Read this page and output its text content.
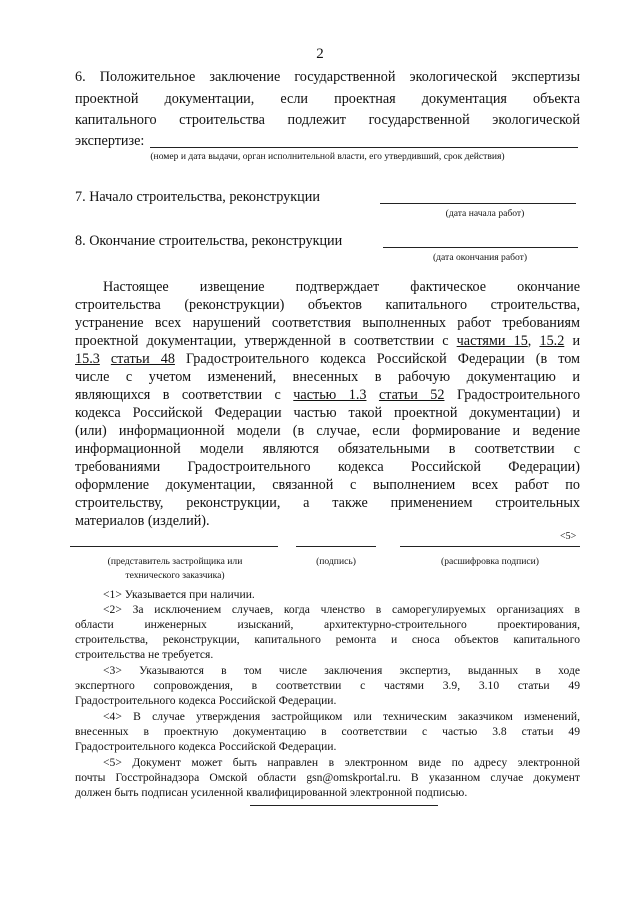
2
6. Положительное заключение государственной экологической экспертизы
проектной документации, если проектная документация объекта
капитального строительства подлежит государственной экологической
экспертизе:
(номер и дата выдачи, орган исполнительной власти, его утвердивший, срок действия)
7. Начало строительства, реконструкции
(дата начала работ)
8. Окончание строительства, реконструкции
(дата окончания работ)
Настоящее извещение подтверждает фактическое окончание
строительства (реконструкции) объектов капитального строительства,
устранение всех нарушений соответствия выполненных работ требованиям
проектной документации, утвержденной в соответствии с частями 15, 15.2 и
15.3 статьи 48 Градостроительного кодекса Российской Федерации (в том
числе с учетом изменений, внесенных в рабочую документацию и
являющихся в соответствии с частью 1.3 статьи 52 Градостроительного
кодекса Российской Федерации частью такой проектной документации) и
(или) информационной модели (в случае, если формирование и ведение
информационной модели являются обязательными в соответствии с
требованиями Градостроительного кодекса Российской Федерации)
оформление документации, связанной с выполнением всех работ по
строительству, реконструкции, а также применением строительных
материалов (изделий).
<5>
(представитель застройщика или
технического заказчика)
(подпись)	(расшифровка подписи)
<1> Указывается при наличии.
<2> За исключением случаев, когда членство в саморегулируемых организациях в
области инженерных изысканий, архитектурно-строительного проектирования,
строительства, реконструкции, капитального ремонта и сноса объектов капитального
строительства не требуется.
<3> Указываются в том числе заключения экспертиз, выданных в ходе
экспертного сопровождения, в соответствии с частями 3.9, 3.10 статьи 49
Градостроительного кодекса Российской Федерации.
<4> В случае утверждения застройщиком или техническим заказчиком изменений,
внесенных в проектную документацию в соответствии с частью 3.8 статьи 49
Градостроительного кодекса Российской Федерации.
<5> Документ может быть направлен в электронном виде по адресу электронной
почты Госстройнадзора Омской области gsn@omskportal.ru. В указанном случае документ
должен быть подписан усиленной квалифицированной электронной подписью.
